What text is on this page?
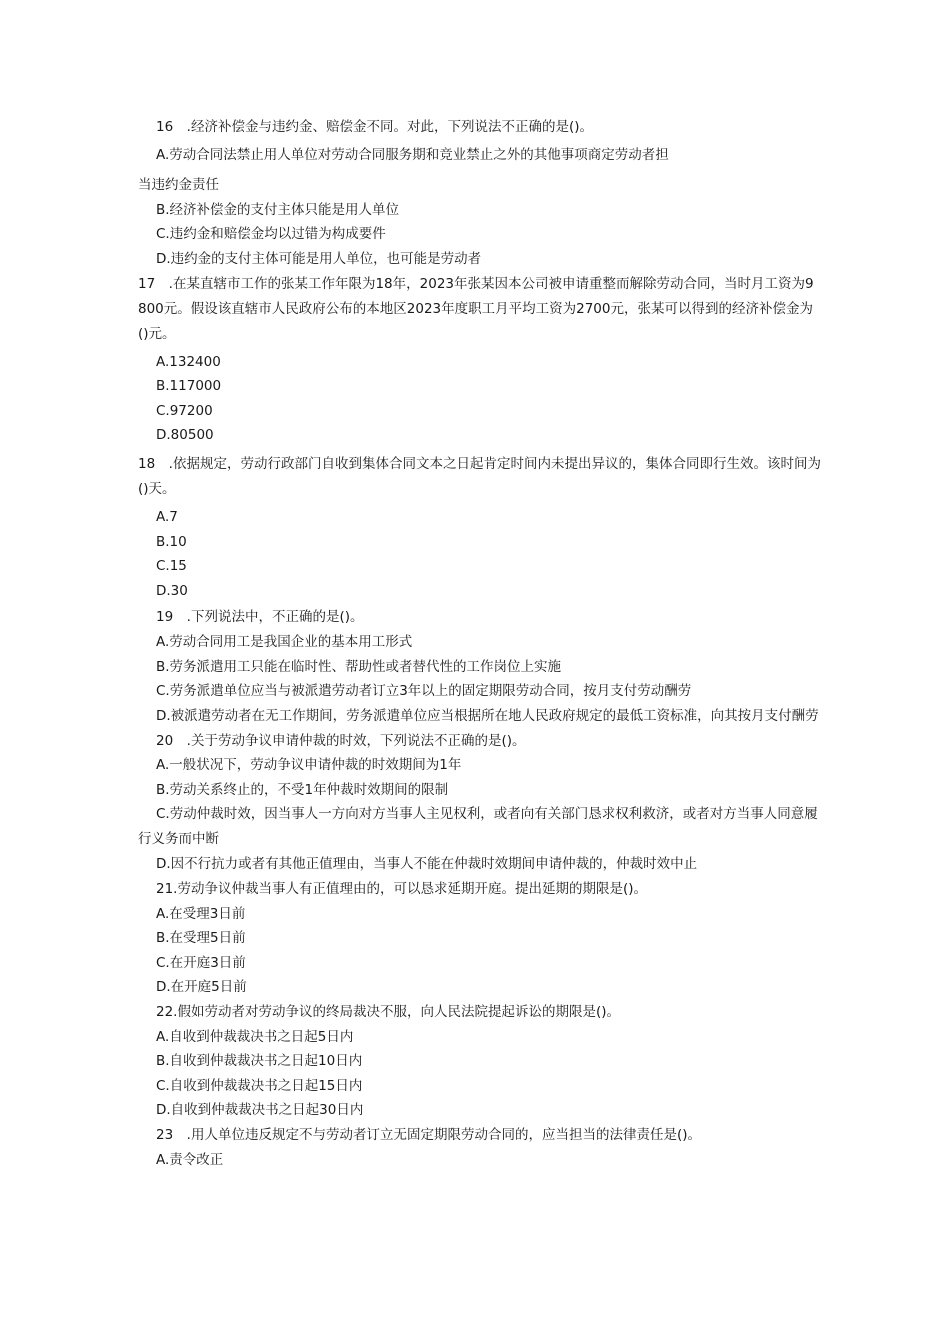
16　.经济补偿金与违约金、赔偿金不同。对此，下列说法不正确的是()。

A.劳动合同法禁止用人单位对劳动合同服务期和竞业禁止之外的其他事项商定劳动者担

当违约金责任

B.经济补偿金的支付主体只能是用人单位

C.违约金和赔偿金均以过错为构成要件

D.违约金的支付主体可能是用人单位，也可能是劳动者

17　.在某直辖市工作的张某工作年限为18年，2023年张某因本公司被申请重整而解除劳动合同，当时月工资为9800元。假设该直辖市人民政府公布的本地区2023年度职工月平均工资为2700元，张某可以得到的经济补偿金为()元。

A.132400

B.117000

C.97200

D.80500

18　.依据规定，劳动行政部门自收到集体合同文本之日起肯定时间内未提出异议的，集体合同即行生效。该时间为()天。

A.7

B.10

C.15

D.30

19　.下列说法中，不正确的是()。

A.劳动合同用工是我国企业的基本用工形式

B.劳务派遣用工只能在临时性、帮助性或者替代性的工作岗位上实施

C.劳务派遣单位应当与被派遣劳动者订立3年以上的固定期限劳动合同，按月支付劳动酬劳

D.被派遣劳动者在无工作期间，劳务派遣单位应当根据所在地人民政府规定的最低工资标准，向其按月支付酬劳

20　.关于劳动争议申请仲裁的时效，下列说法不正确的是()。

A.一般状况下，劳动争议申请仲裁的时效期间为1年

B.劳动关系终止的，不受1年仲裁时效期间的限制

C.劳动仲裁时效，因当事人一方向对方当事人主见权利，或者向有关部门恳求权利救济，或者对方当事人同意履行义务而中断

D.因不行抗力或者有其他正值理由，当事人不能在仲裁时效期间申请仲裁的，仲裁时效中止

21.劳动争议仲裁当事人有正值理由的，可以恳求延期开庭。提出延期的期限是()。

A.在受理3日前

B.在受理5日前

C.在开庭3日前

D.在开庭5日前

22.假如劳动者对劳动争议的终局裁决不服，向人民法院提起诉讼的期限是()。

A.自收到仲裁裁决书之日起5日内

B.自收到仲裁裁决书之日起10日内

C.自收到仲裁裁决书之日起15日内

D.自收到仲裁裁决书之日起30日内

23　.用人单位违反规定不与劳动者订立无固定期限劳动合同的，应当担当的法律责任是()。

A.责令改正
